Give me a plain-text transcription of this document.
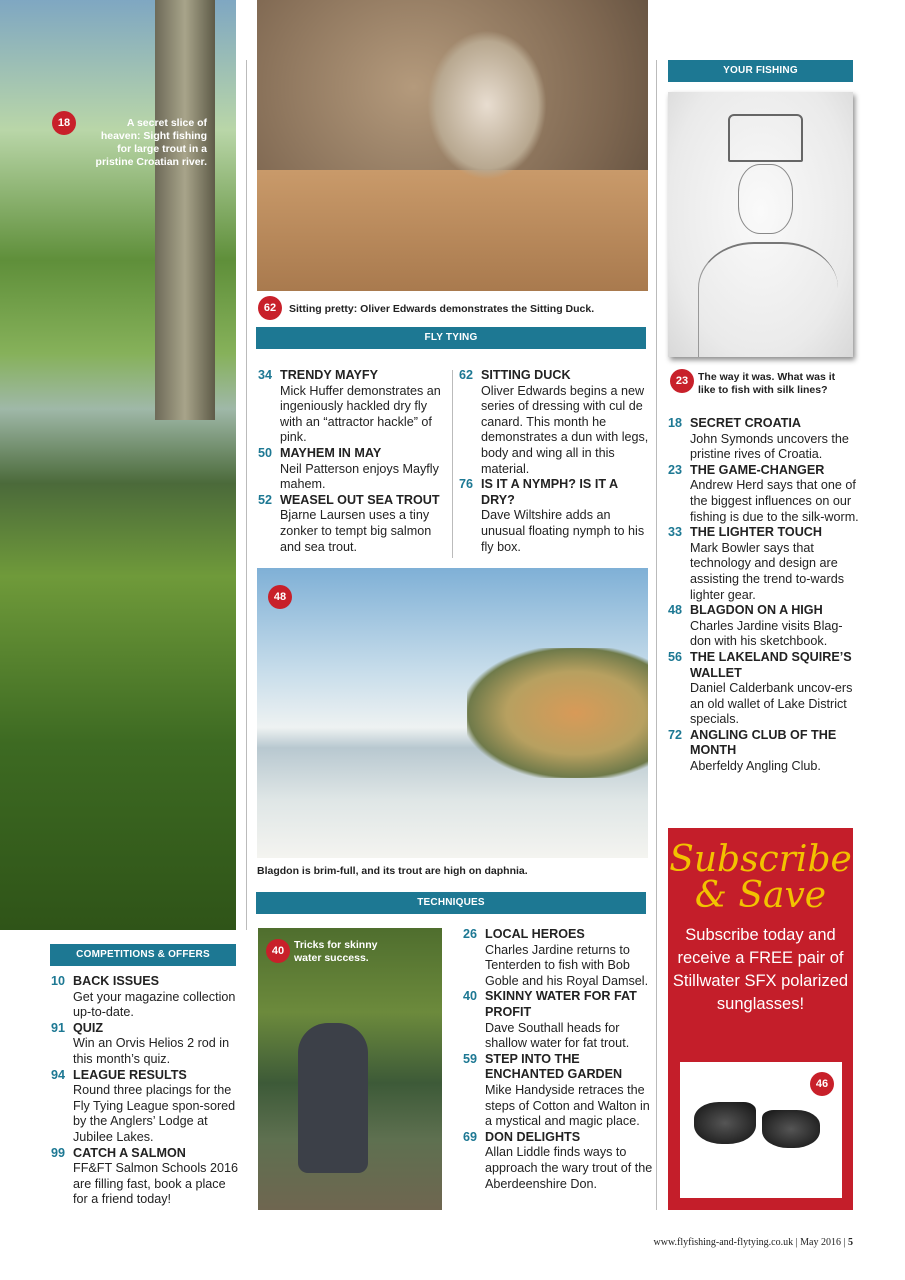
18	A secret slice of heaven: Sight fishing for large trout in a pristine Croatian river.
62	Sitting pretty: Oliver Edwards demonstrates the Sitting Duck.
FLY TYING
34 TRENDY MAYFY
Mick Huffer demonstrates an ingeniously hackled dry fly with an “attractor hackle” of pink.
50 MAYHEM IN MAY
Neil Patterson enjoys Mayfly mahem.
52 WEASEL OUT SEA TROUT
Bjarne Laursen uses a tiny zonker to tempt big salmon and sea trout.
62 SITTING DUCK
Oliver Edwards begins a new series of dressing with cul de canard. This month he demonstrates a dun with legs, body and wing all in this material.
76 IS IT A NYMPH? IS IT A DRY?
Dave Wiltshire adds an unusual floating nymph to his fly box.
48
Blagdon is brim-full, and its trout are high on daphnia.
TECHNIQUES
40 Tricks for skinny water success.
26 LOCAL HEROES
Charles Jardine returns to Tenterden to fish with Bob Goble and his Royal Damsel.
40 SKINNY WATER FOR FAT PROFIT
Dave Southall heads for shallow water for fat trout.
59 STEP INTO THE ENCHANTED GARDEN
Mike Handyside retraces the steps of Cotton and Walton in a mystical and magic place.
69 DON DELIGHTS
Allan Liddle finds ways to approach the wary trout of the Aberdeenshire Don.
COMPETITIONS & OFFERS
10 BACK ISSUES
Get your magazine collection up-to-date.
91 QUIZ
Win an Orvis Helios 2 rod in this month’s quiz.
94 LEAGUE RESULTS
Round three placings for the Fly Tying League spon-sored by the Anglers’ Lodge at Jubilee Lakes.
99 CATCH A SALMON
FF&FT Salmon Schools 2016 are filling fast, book a place for a friend today!
YOUR FISHING
23 The way it was. What was it like to fish with silk lines?
18 SECRET CROATIA
John Symonds uncovers the pristine rives of Croatia.
23 THE GAME-CHANGER
Andrew Herd says that one of the biggest influences on our fishing is due to the silk-worm.
33 THE LIGHTER TOUCH
Mark Bowler says that technology and design are assisting the trend to-wards lighter gear.
48 BLAGDON ON A HIGH
Charles Jardine visits Blag-don with his sketchbook.
56 THE LAKELAND SQUIRE’S WALLET
Daniel Calderbank uncov-ers an old wallet of Lake District specials.
72 ANGLING CLUB OF THE MONTH
Aberfeldy Angling Club.
Subscribe
& Save
Subscribe today and receive a FREE pair of Stillwater SFX polarized sunglasses!
46
www.flyfishing-and-flytying.co.uk | May 2016 | 5
